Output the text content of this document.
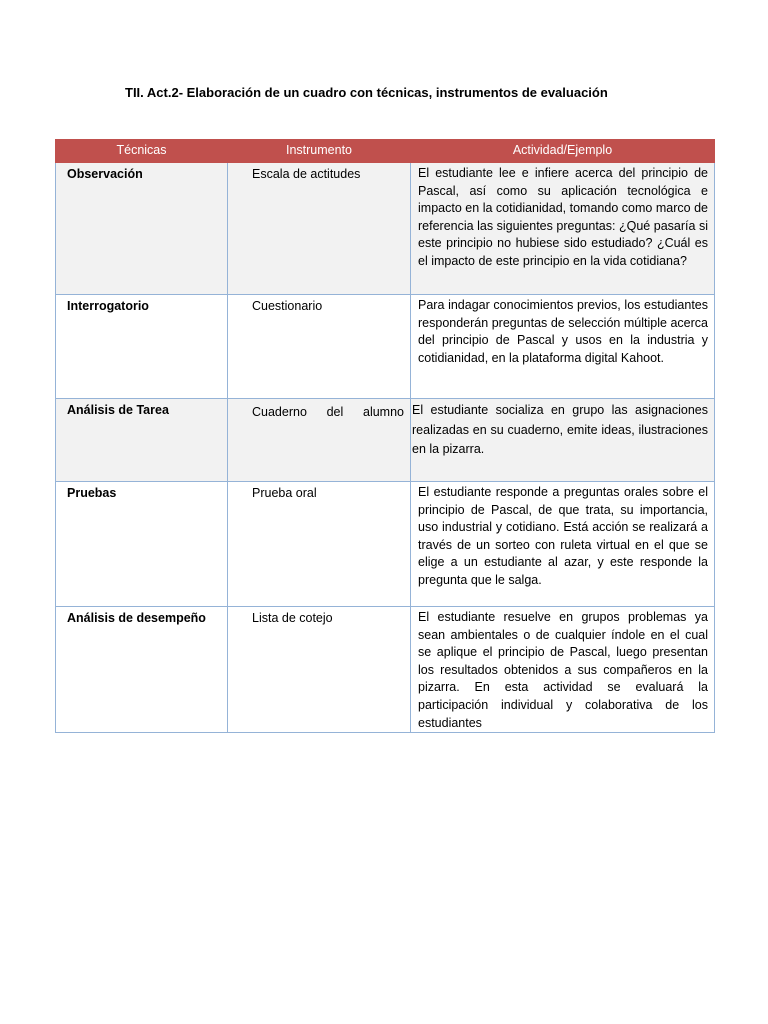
TII. Act.2- Elaboración de un cuadro con técnicas, instrumentos de evaluación
Técnicas	Instrumento	Actividad/Ejemplo
Observación	Escala de actitudes	El estudiante lee e infiere acerca del principio de Pascal, así como su aplicación tecnológica e impacto en la cotidianidad, tomando como marco de referencia las siguientes preguntas: ¿Qué pasaría si este principio no hubiese sido estudiado? ¿Cuál es el impacto de este principio en la vida cotidiana?
Interrogatorio	Cuestionario	Para indagar conocimientos previos, los estudiantes responderán preguntas de selección múltiple acerca del principio de Pascal y usos en la industria y cotidianidad, en la plataforma digital Kahoot.
Análisis de Tarea	Cuaderno del alumno	El estudiante socializa en grupo las asignaciones realizadas en su cuaderno, emite ideas, ilustraciones en la pizarra.
Pruebas	Prueba oral	El estudiante responde a preguntas orales sobre el principio de Pascal, de que trata, su importancia, uso industrial y cotidiano. Está acción se realizará a través de un sorteo con ruleta virtual en el que se elige a un estudiante al azar, y este responde la pregunta que le salga.
Análisis de desempeño	Lista de cotejo	El estudiante resuelve en grupos problemas ya sean ambientales o de cualquier índole en el cual se aplique el principio de Pascal, luego presentan los resultados obtenidos a sus compañeros en la pizarra. En esta actividad se evaluará la participación individual y colaborativa de los estudiantes
